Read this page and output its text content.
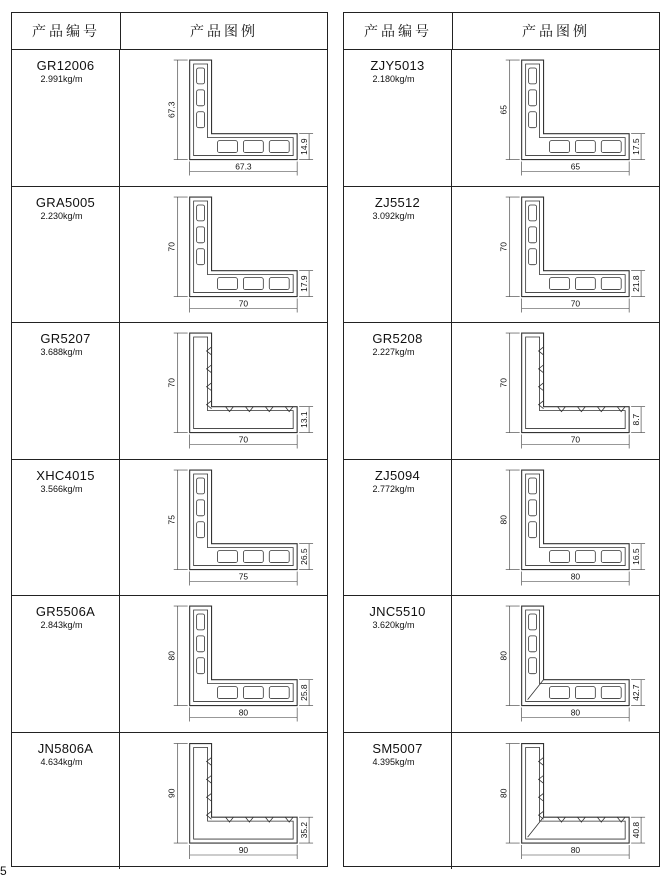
产品编号	产品图例
GR12006
2.991kg/m
67.3
67.3
14.9
GRA5005
2.230kg/m
70
70
17.9
GR5207
3.688kg/m
70
70
13.1
XHC4015
3.566kg/m
75
75
26.5
GR5506A
2.843kg/m
80
80
25.8
JN5806A
4.634kg/m
90
90
35.2
产品编号	产品图例
ZJY5013
2.180kg/m
65
65
17.5
ZJ5512
3.092kg/m
70
70
21.8
GR5208
2.227kg/m
70
70
8.7
ZJ5094
2.772kg/m
80
80
16.5
JNC5510
3.620kg/m
80
80
42.7
SM5007
4.395kg/m
80
80
40.8
5
